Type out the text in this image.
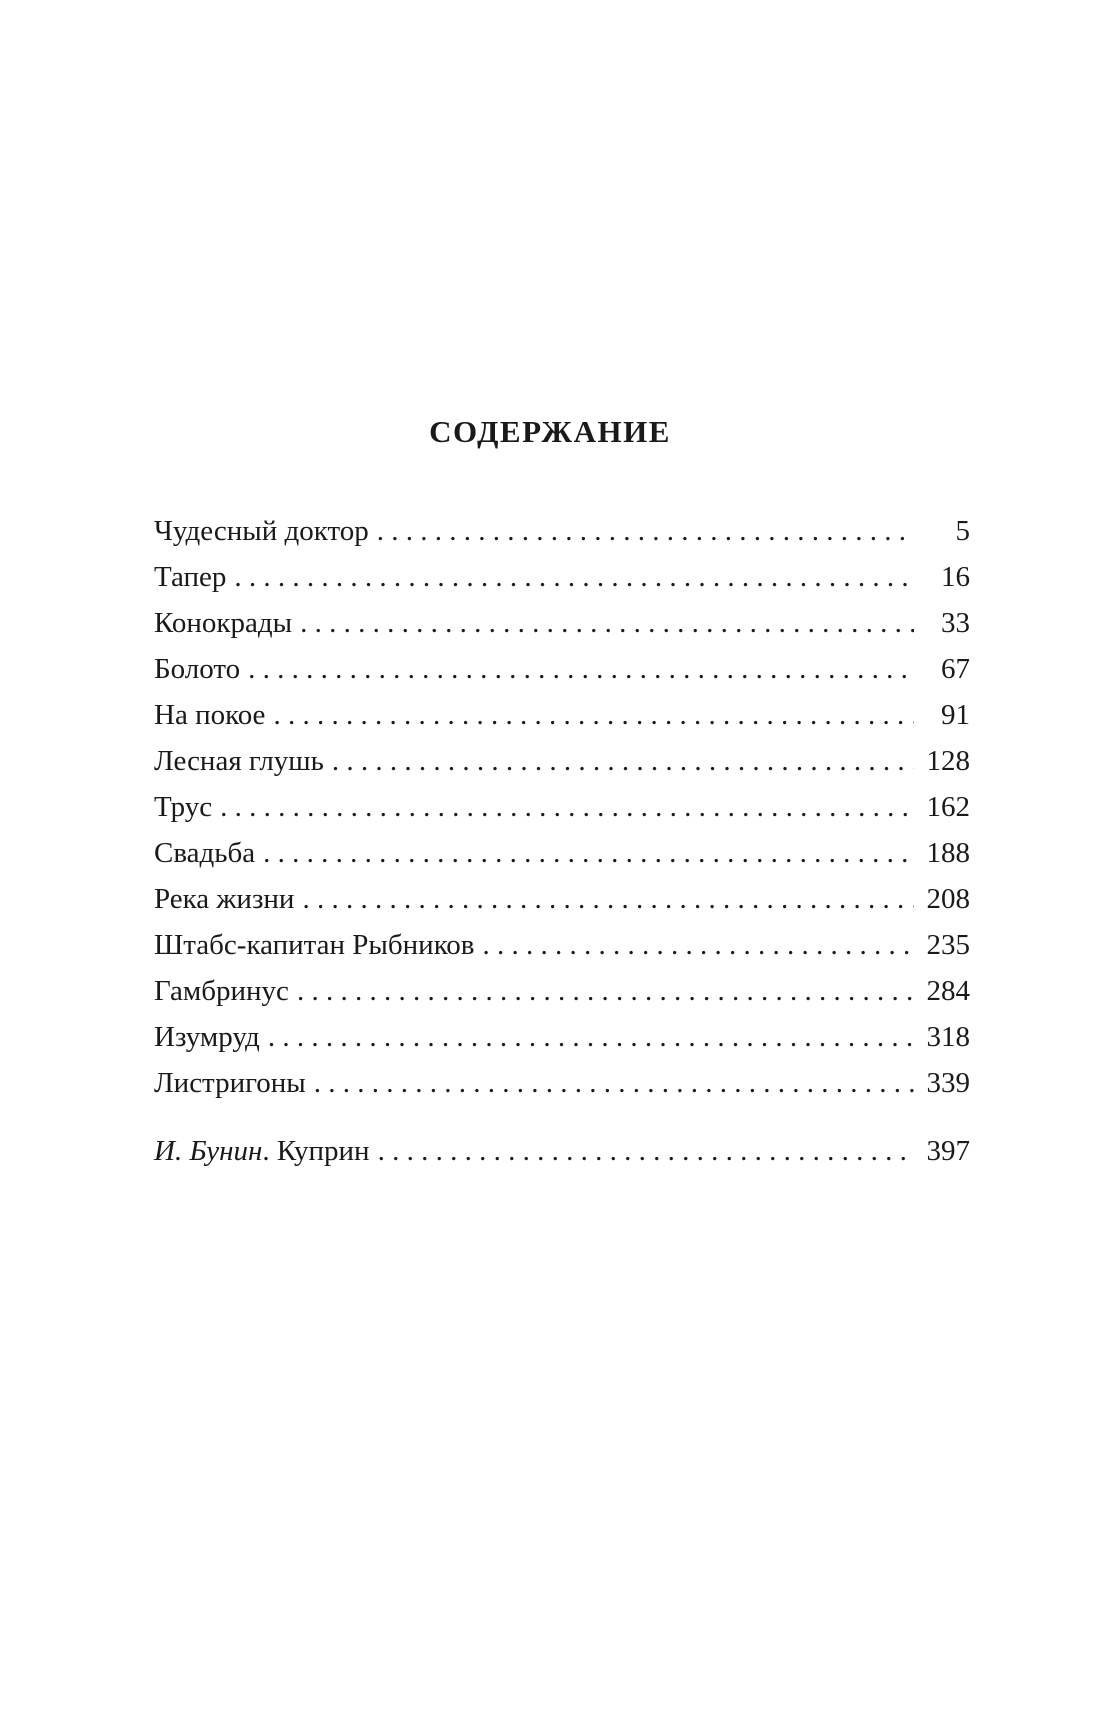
СОДЕРЖАНИЕ
Чудесный доктор . . .	5
Тапер . . .	16
Конокрады . . .	33
Болото . . .	67
На покое . . .	91
Лесная глушь . . .	128
Трус . . .	162
Свадьба . . .	188
Река жизни . . .	208
Штабс-капитан Рыбников . . .	235
Гамбринус . . .	284
Изумруд . . .	318
Листригоны . . .	339
И. Бунин. Куприн . . .	397
